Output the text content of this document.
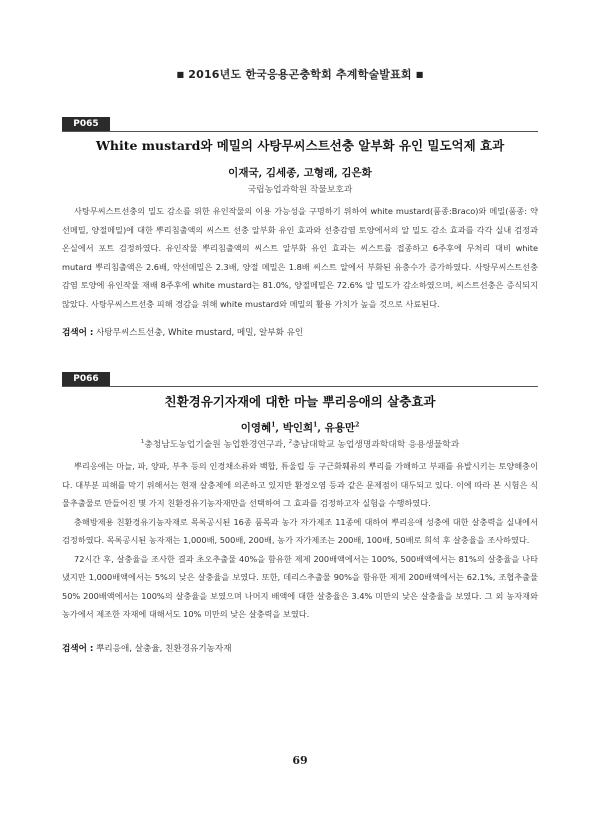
■ 2016년도 한국응용곤충학회 추계학술발표회 ■
P065
White mustard와 메밀의 사탕무씨스트선충 알부화 유인 밀도억제 효과
이재국, 김세종, 고형래, 김은화
국립농업과학원 작물보호과

사탕무씨스트선충의 밀도 감소를 위한 유인작물의 이용 가능성을 구명하기 위하여 white mustard(품종:Braco)와 메밀(품종: 약선메밀, 양절메밀)에 대한 뿌리침출액의 씨스트 선충 알부화 유인 효과와 선충감염 토양에서의 알 밀도 감소 효과를 각각 실내 검정과 온실에서 포트 검정하였다. 유인작물 뿌리침출액의 씨스트 알부화 유인 효과는 씨스트를 접종하고 6주후에 무처리 대비 white mutard 뿌리침출액은 2.6배, 약선메밀은 2.3배, 양절 메밀은 1.8배 씨스트 알에서 부화된 유충수가 증가하였다. 사탕무씨스트선충 감염 토양에 유인작물 재배 8주후에 white mustard는 81.0%, 양절메밀은 72.6% 알 밀도가 감소하였으며, 씨스트선충은 증식되지 않았다. 사탕무씨스트선충 피해 경감을 위해 white mustard와 메밀의 활용 가치가 높을 것으로 사료된다.

검색어 : 사탕무씨스트선충, White mustard, 메밀, 알부화 유인
P066
친환경유기자재에 대한 마늘 뿌리응애의 살충효과
이영혜$^1$, 박인희$^1$, 유용만$^2$
$^1$충청남도농업기술원 농업환경연구과, $^2$충남대학교 농업생명과학대학 응용생물학과

뿌리응애는 마늘, 파, 양파, 부추 등의 인경채소류와 백합, 튜울립 등 구근화훼류의 뿌리를 가해하고 부패를 유발시키는 토양해충이다. 대부분 피해를 막기 위해서는 현재 살충제에 의존하고 있지만 환경오염 등과 같은 문제점이 대두되고 있다. 이에 따라 본 시험은 식물추출물로 만들어진 몇 가지 친환경유기농자재만을 선택하여 그 효과를 검정하고자 실험을 수행하였다.

충해방제용 친환경유기농자재로 목록공시된 16종 품목과 농가 자가제조 11종에 대하여 뿌리응애 성충에 대한 살충력을 실내에서 검정하였다. 목록공시된 농자재는 1,000배, 500배, 200배, 농가 자가제조는 200배, 100배, 50배로 희석 후 살충율을 조사하였다.

72시간 후, 살충율을 조사한 결과 초오추출물 40%을 함유한 제제 200배액에서는 100%, 500배액에서는 81%의 살충율을 나타냈지만 1,000배액에서는 5%의 낮은 살충율을 보였다. 또한, 데리스추출물 90%을 함유한 제제 200배액에서는 62.1%, 조협추출물 50% 200배액에서는 100%의 살충율을 보였으며 나머지 배액에 대한 살충율은 3.4% 미만의 낮은 살충율을 보였다. 그 외 농자재와 농가에서 제조한 자재에 대해서도 10% 미만의 낮은 살충력을 보였다.

검색어 : 뿌리응애, 살충율, 친환경유기농자재
69
